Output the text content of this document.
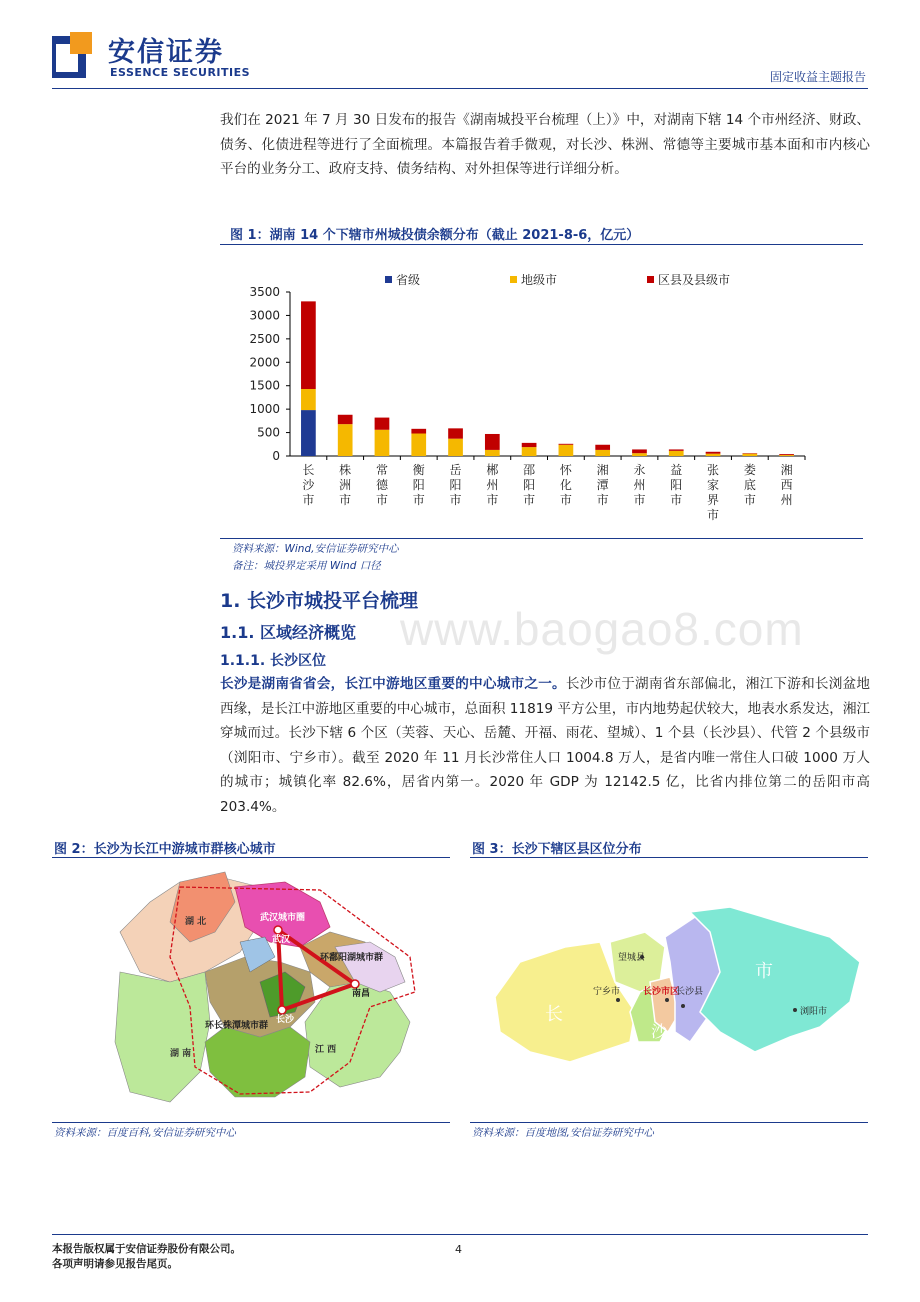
安信证券
ESSENCE SECURITIES	固定收益主题报告
我们在 2021 年 7 月 30 日发布的报告《湖南城投平台梳理（上）》中，对湖南下辖 14 个市州经济、财政、债务、化债进程等进行了全面梳理。本篇报告着手微观，对长沙、株洲、常德等主要城市基本面和市内核心平台的业务分工、政府支持、债务结构、对外担保等进行详细分析。
图 1：湖南 14 个下辖市州城投债余额分布（截止 2021-8-6，亿元）
省级	地级市	区县及县级市
0
500
1000
1500
2000
2500
3000
3500
长
沙
市
株
洲
市
常
德
市
衡
阳
市
岳
阳
市
郴
州
市
邵
阳
市
怀
化
市
湘
潭
市
永
州
市
益
阳
市
张
家
界
市
娄
底
市
湘
西
州
资料来源：Wind,安信证券研究中心
备注：城投界定采用 Wind 口径
www.baogao8.com
1. 长沙市城投平台梳理
1.1. 区域经济概览
1.1.1. 长沙区位
长沙是湖南省省会，长江中游地区重要的中心城市之一。长沙市位于湖南省东部偏北，湘江下游和长浏盆地西缘，是长江中游地区重要的中心城市，总面积 11819 平方公里，市内地势起伏较大，地表水系发达，湘江穿城而过。长沙下辖 6 个区（芙蓉、天心、岳麓、开福、雨花、望城）、1 个县（长沙县）、代管 2 个县级市（浏阳市、宁乡市）。截至 2020 年 11 月长沙常住人口 1004.8 万人，是省内唯一常住人口破 1000 万人的城市；城镇化率 82.6%，居省内第一。2020 年 GDP 为 12142.5 亿，比省内排位第二的岳阳市高 203.4%。
图 2：长沙为长江中游城市群核心城市
湖 北
湖 南	江 西
武汉城市圈
武汉
环鄱阳湖城市群
南昌
长沙
环长株潭城市群
资料来源：百度百科,安信证券研究中心
图 3：长沙下辖区县区位分布
望城县
宁乡市	长沙市区
长沙县
浏阳市
长
沙
市
资料来源：百度地图,安信证券研究中心
本报告版权属于安信证券股份有限公司。
各项声明请参见报告尾页。
4
